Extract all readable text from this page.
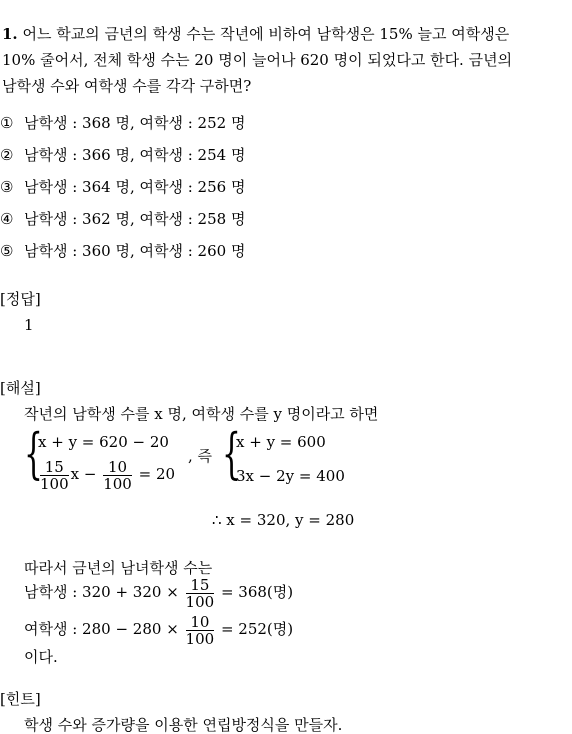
1. 어느 학교의 금년의 학생 수는 작년에 비하여 남학생은 15% 늘고 여학생은
10% 줄어서, 전체 학생 수는 20 명이 늘어나 620 명이 되었다고 한다. 금년의
남학생 수와 여학생 수를 각각 구하면?
① 남학생 : 368 명, 여학생 : 252 명
② 남학생 : 366 명, 여학생 : 254 명
③ 남학생 : 364 명, 여학생 : 256 명
④ 남학생 : 362 명, 여학생 : 258 명
⑤ 남학생 : 360 명, 여학생 : 260 명
[정답]
1
[해설]
작년의 남학생 수를 x 명, 여학생 수를 y 명이라고 하면
{
x + y = 620 − 20
$\frac{15}{100}$ $x - \frac{10}{100} = 20$
, 즉 {
x + y = 600
3x − 2y = 400
∴ x = 320, y = 280
따라서 금년의 남녀학생 수는
남학생 : $320 + 320 \times \frac{15}{100} = 368$(명)
여학생 : $280 - 280 \times \frac{10}{100} = 252$(명)
이다.
[힌트]
학생 수와 증가량을 이용한 연립방정식을 만들자.
